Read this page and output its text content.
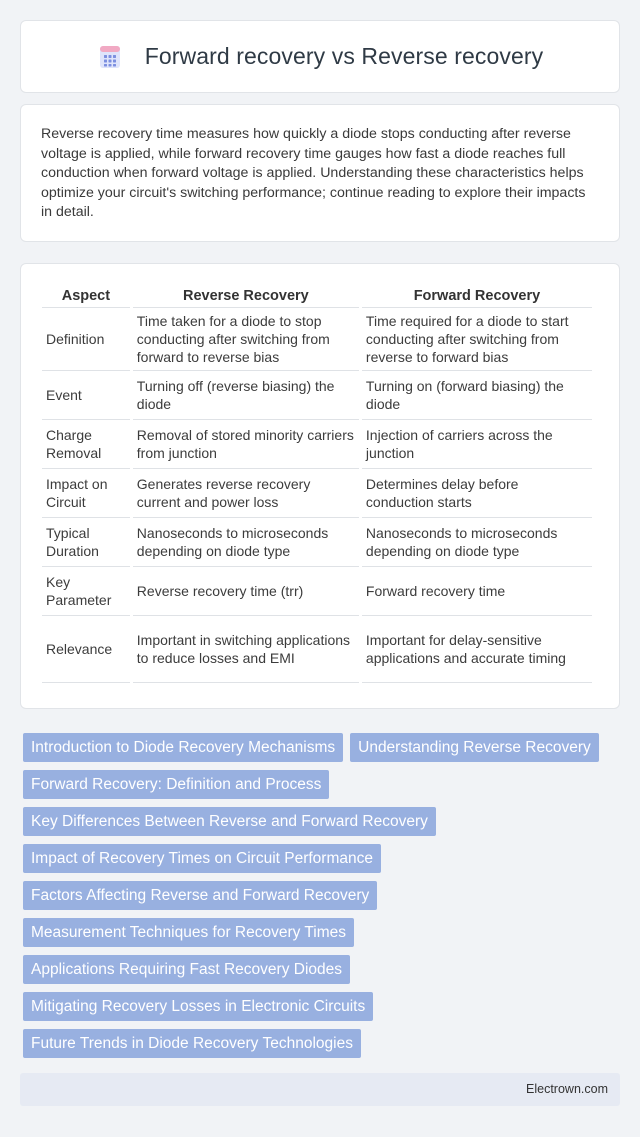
Forward recovery vs Reverse recovery

Reverse recovery time measures how quickly a diode stops conducting after reverse voltage is applied, while forward recovery time gauges how fast a diode reaches full conduction when forward voltage is applied. Understanding these characteristics helps optimize your circuit's switching performance; continue reading to explore their impacts in detail.

Aspect	Reverse Recovery	Forward Recovery
Definition	Time taken for a diode to stop conducting after switching from forward to reverse bias	Time required for a diode to start conducting after switching from reverse to forward bias
Event	Turning off (reverse biasing) the diode	Turning on (forward biasing) the diode
Charge Removal	Removal of stored minority carriers from junction	Injection of carriers across the junction
Impact on Circuit	Generates reverse recovery current and power loss	Determines delay before conduction starts
Typical Duration	Nanoseconds to microseconds depending on diode type	Nanoseconds to microseconds depending on diode type
Key Parameter	Reverse recovery time (trr)	Forward recovery time
Relevance	Important in switching applications to reduce losses and EMI	Important for delay-sensitive applications and accurate timing
Introduction to Diode Recovery Mechanisms	Understanding Reverse Recovery
Forward Recovery: Definition and Process
Key Differences Between Reverse and Forward Recovery
Impact of Recovery Times on Circuit Performance
Factors Affecting Reverse and Forward Recovery
Measurement Techniques for Recovery Times
Applications Requiring Fast Recovery Diodes
Mitigating Recovery Losses in Electronic Circuits
Future Trends in Diode Recovery Technologies
Electrown.com
